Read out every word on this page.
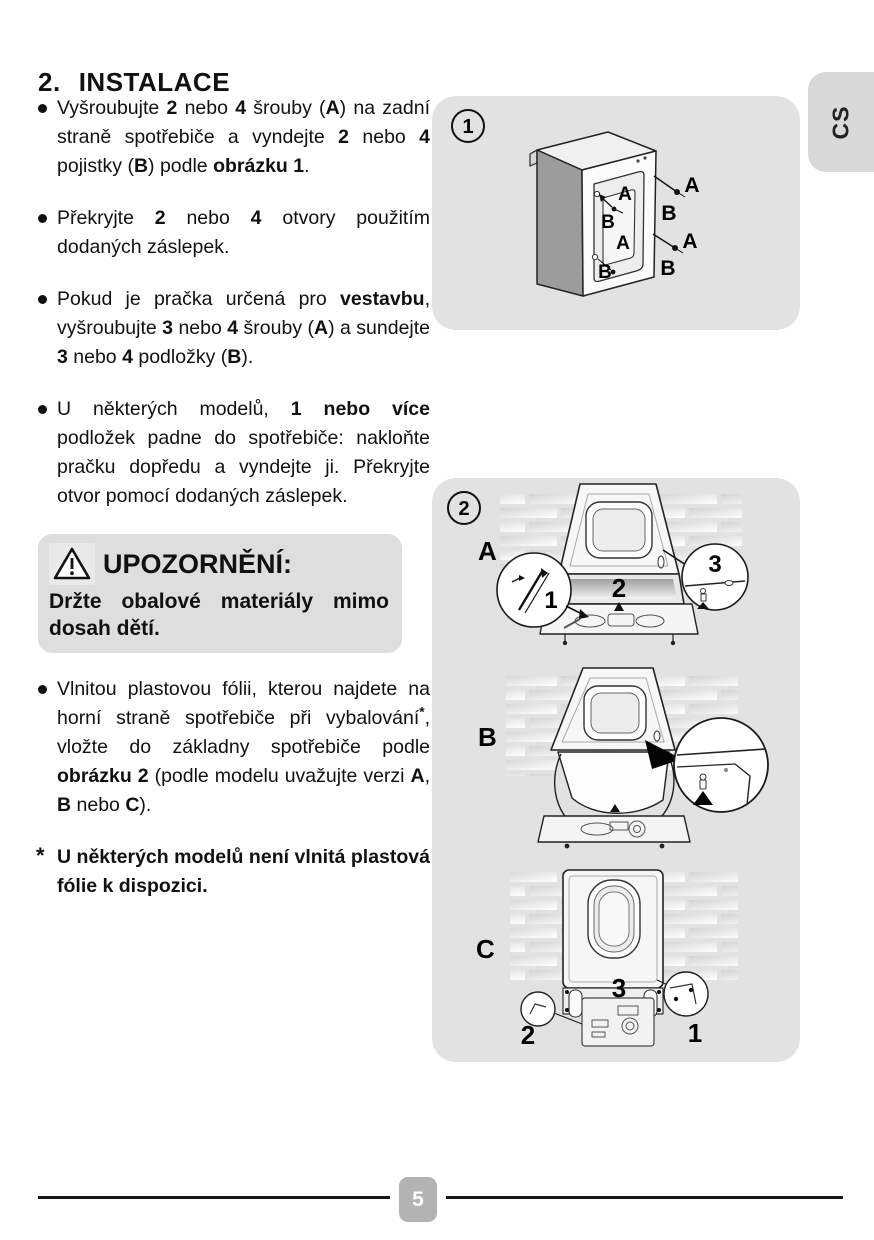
2. INSTALACE
CS

Vyšroubujte 2 nebo 4 šrouby (A) na zadní straně spotřebiče a vyndejte 2 nebo 4 pojistky (B) podle obrázku 1.

Překryjte 2 nebo 4 otvory použitím dodaných záslepek.

Pokud je pračka určená pro vestavbu, vyšroubujte 3 nebo 4 šrouby (A) a sundejte 3 nebo 4 podložky (B).

U některých modelů, 1 nebo více podložek padne do spotřebiče: nakloňte pračku dopředu a vyndejte ji. Překryjte otvor pomocí dodaných záslepek.

UPOZORNĚNÍ:
Držte obalové materiály mimo dosah dětí.

Vlnitou plastovou fólii, kterou najdete na horní straně spotřebiče při vybalování*, vložte do základny spotřebiče podle obrázku 2 (podle modelu uvažujte verzi A, B nebo C).

* U některých modelů není vlnitá plastová fólie k dispozici.

1
A
B
A
B
A
B
A
B
2
2
1
3
A
B
3
2	1
C
5
